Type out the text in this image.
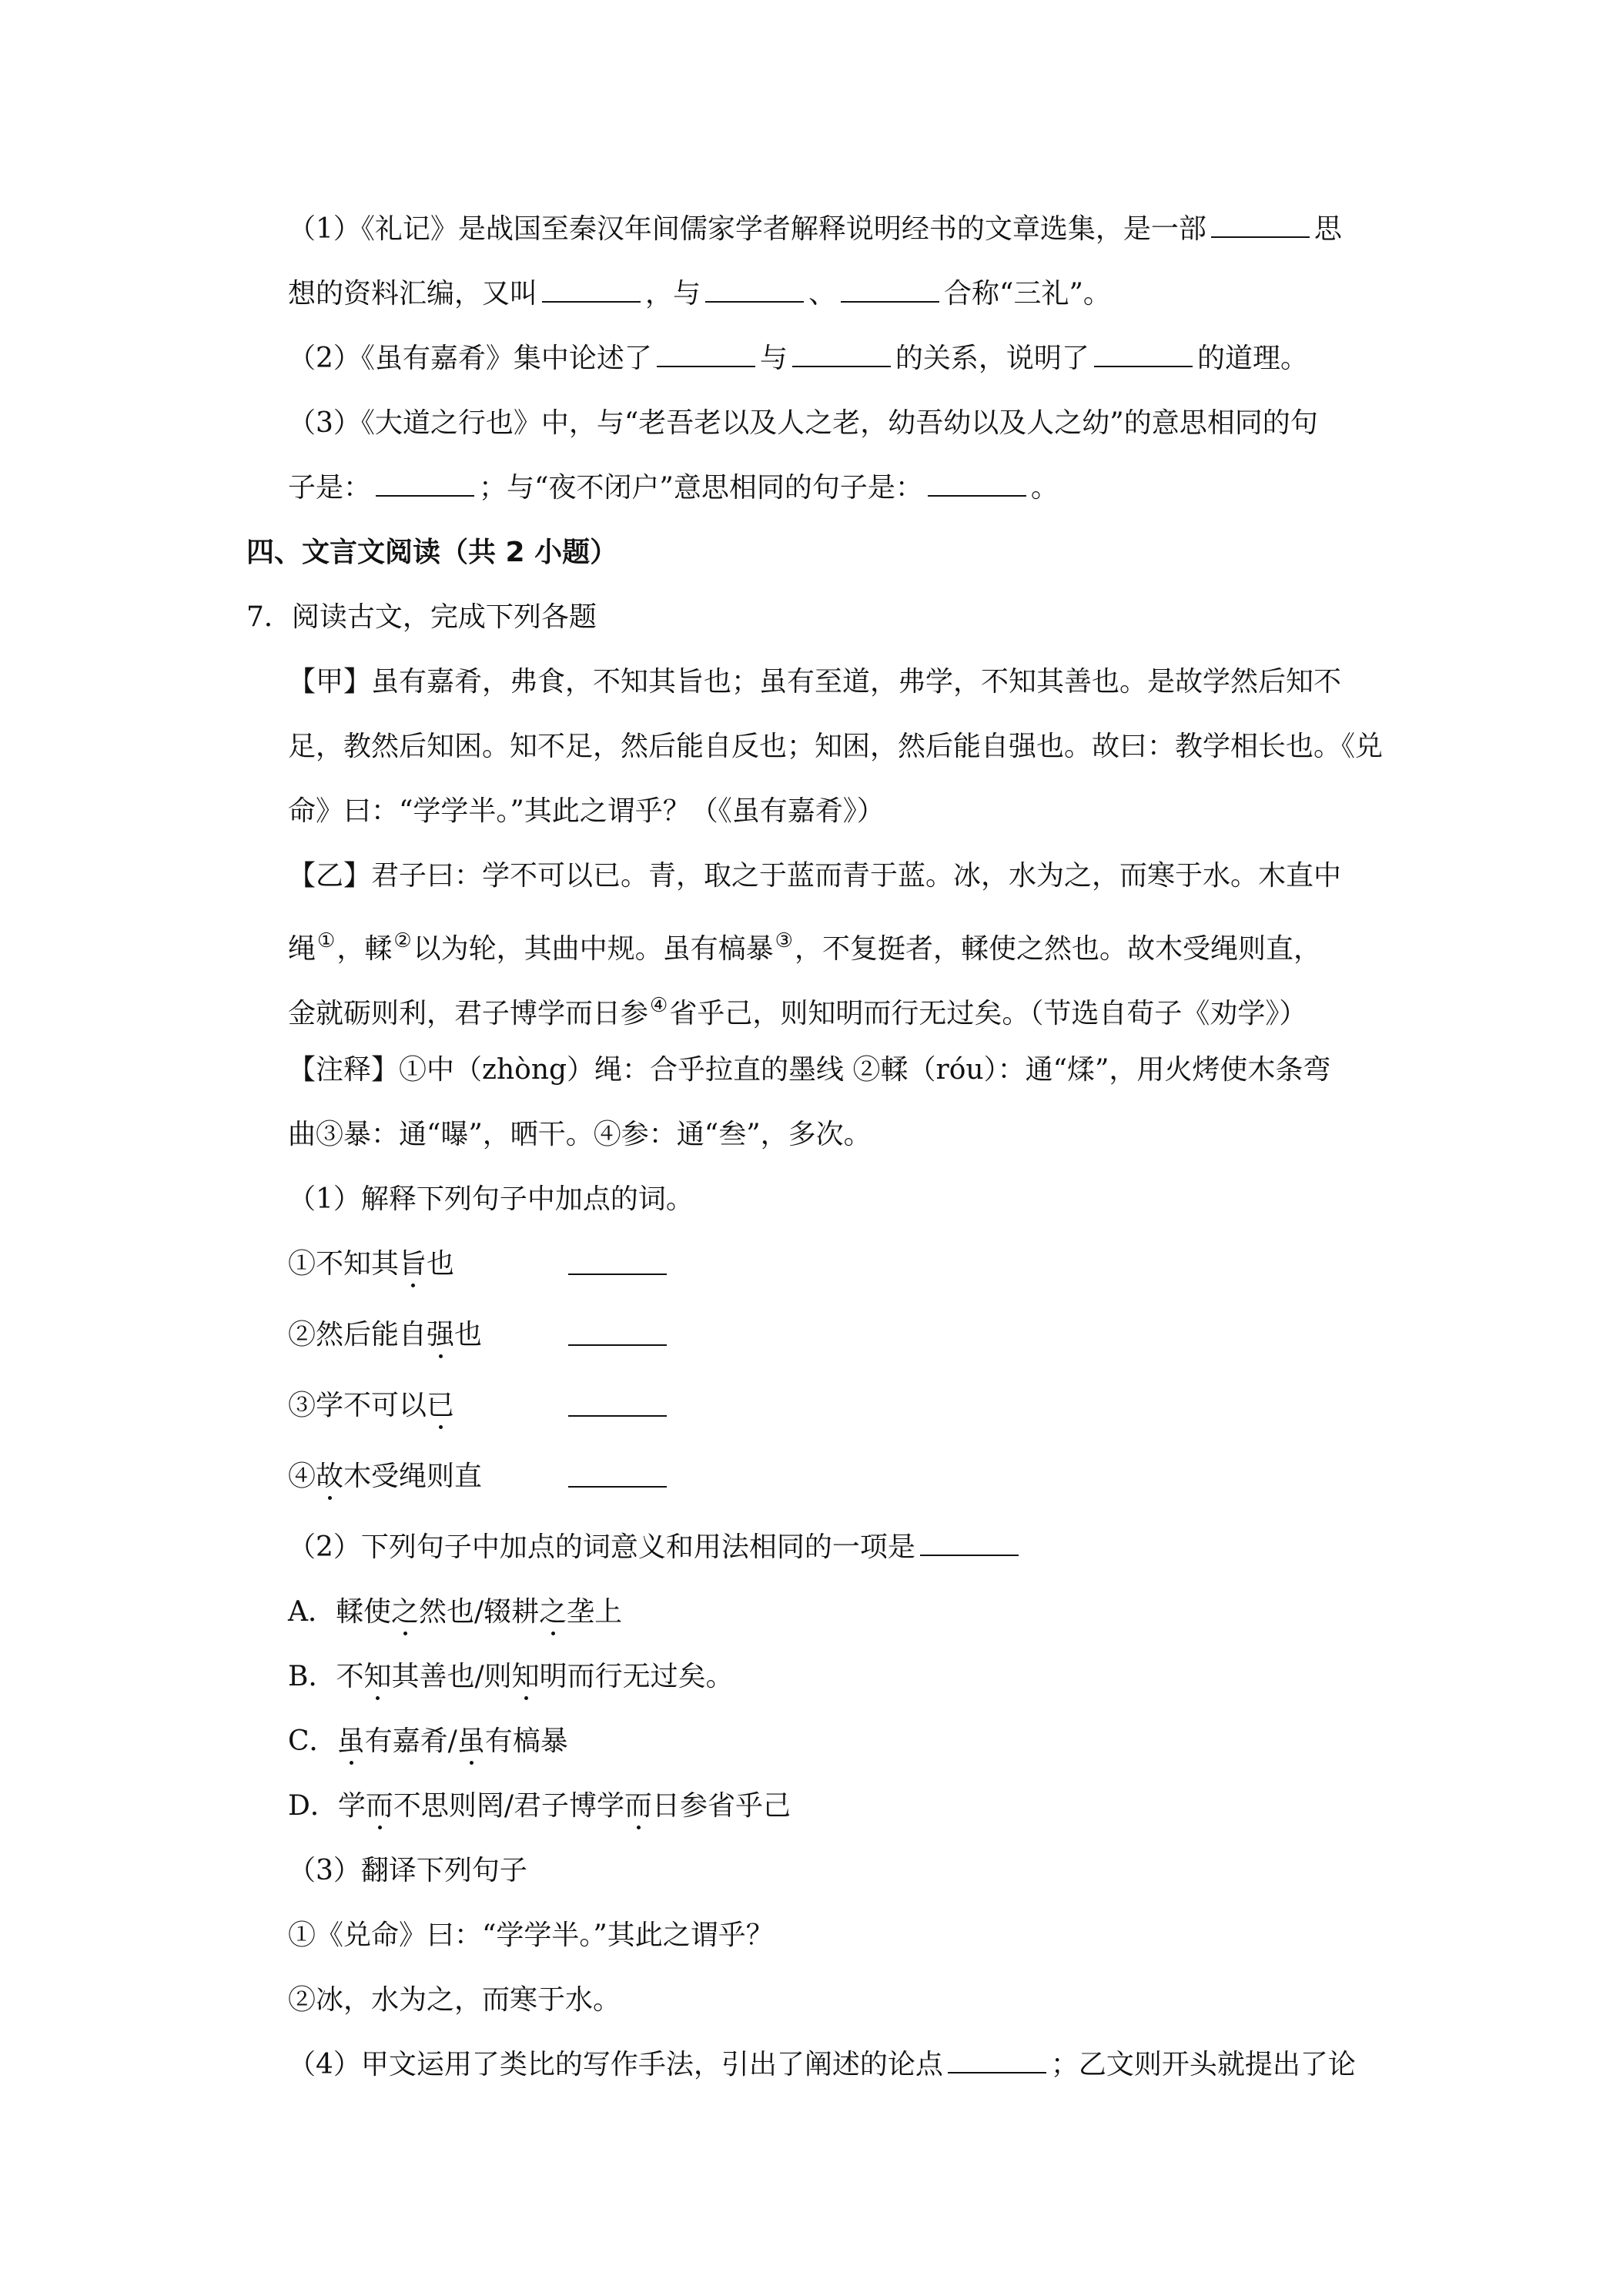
（1）《礼记》是战国至秦汉年间儒家学者解释说明经书的文章选集，是一部	思
想的资料汇编，又叫	，与	、	合称“三礼”。
（2）《虽有嘉肴》集中论述了	与	的关系，说明了	的道理。
（3）《大道之行也》中，与“老吾老以及人之老，幼吾幼以及人之幼”的意思相同的句
子是：	；与“夜不闭户”意思相同的句子是：	。
四、文言文阅读（共 2 小题）
7．阅读古文，完成下列各题
【甲】虽有嘉肴，弗食，不知其旨也；虽有至道，弗学，不知其善也。是故学然后知不
足，教然后知困。知不足，然后能自反也；知困，然后能自强也。故曰：教学相长也。《兑
命》曰：“学学半。”其此之谓乎？（《虽有嘉肴》）
【乙】君子曰：学不可以已。青，取之于蓝而青于蓝。冰，水为之，而寒于水。木直中
绳①，輮②以为轮，其曲中规。虽有槁暴③，不复挺者，輮使之然也。故木受绳则直，
金就砺则利，君子博学而日参④省乎己，则知明而行无过矣。（节选自荀子《劝学》）
【注释】①中（zhòng）绳：合乎拉直的墨线 ②輮（róu）：通“煣”，用火烤使木条弯
曲③暴：通“曝”，晒干。④参：通“叁”，多次。
（1）解释下列句子中加点的词。
①不知其旨也
②然后能自强也
③学不可以已
④故木受绳则直
（2）下列句子中加点的词意义和用法相同的一项是
A．輮使之然也/辍耕之垄上
B．不知其善也/则知明而行无过矣。
C．虽有嘉肴/虽有槁暴
D．学而不思则罔/君子博学而日参省乎己
（3）翻译下列句子
①《兑命》曰：“学学半。”其此之谓乎？
②冰，水为之，而寒于水。
（4）甲文运用了类比的写作手法，引出了阐述的论点	；乙文则开头就提出了论
